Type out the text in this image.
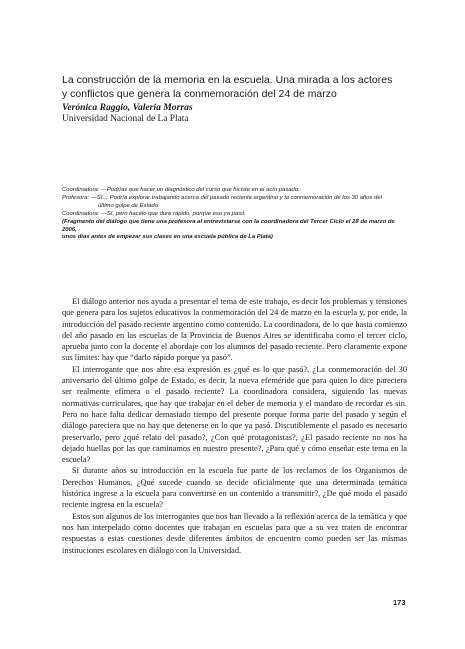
La construcción de la memoria en la escuela. Una mirada a los actores
y conflictos que genera la conmemoración del 24 de marzo
Verónica Raggio, Valeria Morras
Universidad Nacional de La Plata

Coordinadora: —Podrías que hacer un diagnóstico del curso que hiciste en el acto pasado.

Profesora: —Sí… Podría explorar trabajando acerca del pasado reciente argentino y la conmemoración de los 30 años del

último golpe de Estado.

Coordinadora: —Sí, pero hacélo que dure rápido, porque eso ya pasó.

(Fragmento del diálogo que tiene una profesora al entrevistarse con la coordinadora del Tercer Ciclo el 28 de marzo de 2006,

unos días antes de empezar sus clases en una escuela pública de La Plata)

El diálogo anterior nos ayuda a presentar el tema de este trabajo, es decir los problemas y tensiones que genera para los sujetos educativos la conmemoración del 24 de marzo en la escuela y, por ende, la introducción del pasado reciente argentino como contenido. La coordinadora, de lo que hasta comienzo del año pasado en las escuelas de la Provincia de Buenos Aires se identificaba como el tercer ciclo, aprueba junto con la docente el abordaje con los alumnos del pasado reciente. Pero claramente expone sus límites: hay que “darlo rápido porque ya pasó”.

El interrogante que nos abre esa expresión es ¿qué es lo que pasó?, ¿La conmemoración del 30 aniversario del último golpe de Estado, es decir, la nueva efeméride que para quien lo dice pareciera ser realmente efímera o el pasado reciente? La coordinadora considera, siguiendo las nuevas normativas curriculares, que hay que trabajar en el deber de memoria y el mandato de recordar es sin. Pero no hace falta dedicar demasiado tiempo del presente porque forma parte del pasado y según el diálogo pareciera que no hay que detenerse en lo que ya pasó. Discutiblemente el pasado es necesario preservarlo, pero ¿qué relato del pasado?, ¿Con qué protagonistas?, ¿El pasado reciente no nos ha dejado huellas por las que caminamos en nuestro presente?, ¿Para qué y cómo enseñar este tema en la escuela?

Si durante años su introducción en la escuela fue parte de los reclamos de los Organismos de Derechos Humanos, ¿Qué sucede cuando se decide oficialmente que una determinada temática histórica ingrese a la escuela para convertirse en un contenido a transmitir?, ¿De qué modo el pasado reciente ingresa en la escuela?

Estos son algunos de los interrogantes que nos han llevado a la reflexión acerca de la temática y que nos han interpelado como docentes que trabajan en escuelas para que a su vez traten de encontrar respuestas a estas cuestiones desde diferentes ámbitos de encuentro como pueden ser las mismas instituciones escolares en diálogo con la Universidad.

173
